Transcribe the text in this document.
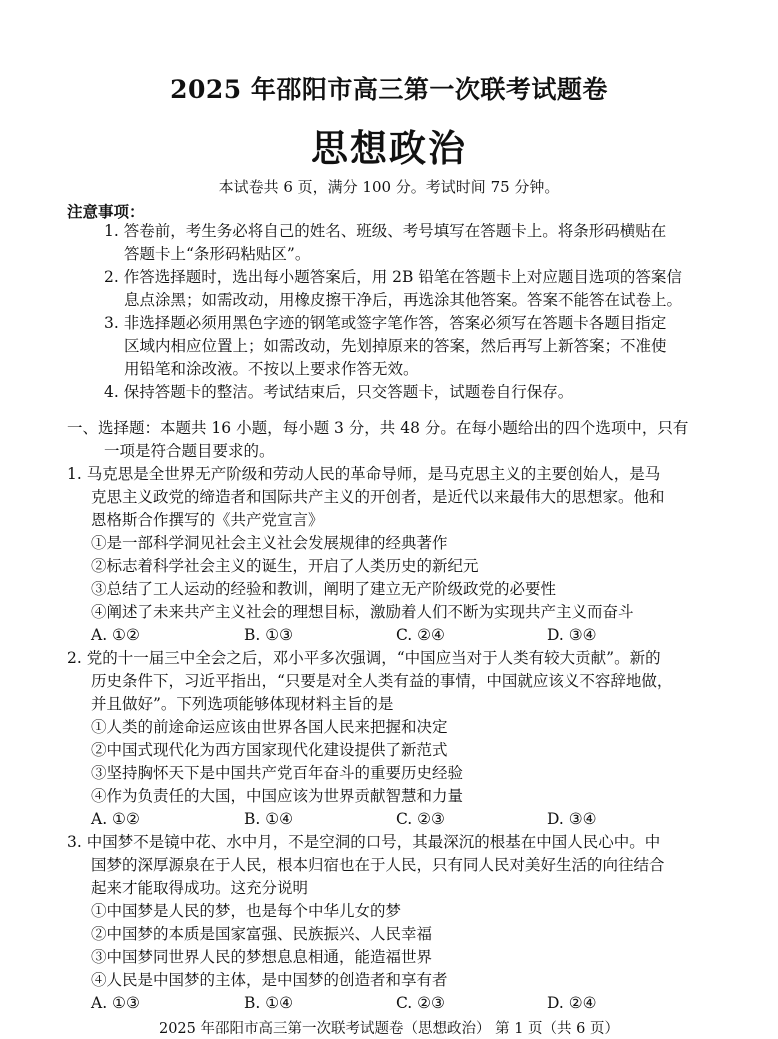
2025 年邵阳市高三第一次联考试题卷
思想政治
本试卷共 6 页，满分 100 分。考试时间 75 分钟。
注意事项：
1. 答卷前，考生务必将自己的姓名、班级、考号填写在答题卡上。将条形码横贴在
答题卡上“条形码粘贴区”。
2. 作答选择题时，选出每小题答案后，用 2B 铅笔在答题卡上对应题目选项的答案信
息点涂黑；如需改动，用橡皮擦干净后，再选涂其他答案。答案不能答在试卷上。
3. 非选择题必须用黑色字迹的钢笔或签字笔作答，答案必须写在答题卡各题目指定
区域内相应位置上；如需改动，先划掉原来的答案，然后再写上新答案；不准使
用铅笔和涂改液。不按以上要求作答无效。
4. 保持答题卡的整洁。考试结束后，只交答题卡，试题卷自行保存。
一、选择题：本题共 16 小题，每小题 3 分，共 48 分。在每小题给出的四个选项中，只有
一项是符合题目要求的。
1. 马克思是全世界无产阶级和劳动人民的革命导师，是马克思主义的主要创始人，是马
克思主义政党的缔造者和国际共产主义的开创者，是近代以来最伟大的思想家。他和
恩格斯合作撰写的《共产党宣言》
①是一部科学洞见社会主义社会发展规律的经典著作
②标志着科学社会主义的诞生，开启了人类历史的新纪元
③总结了工人运动的经验和教训，阐明了建立无产阶级政党的必要性
④阐述了未来共产主义社会的理想目标，激励着人们不断为实现共产主义而奋斗
A. ①②	B. ①③	C. ②④	D. ③④
2. 党的十一届三中全会之后，邓小平多次强调，“中国应当对于人类有较大贡献”。新的
历史条件下，习近平指出，“只要是对全人类有益的事情，中国就应该义不容辞地做，
并且做好”。下列选项能够体现材料主旨的是
①人类的前途命运应该由世界各国人民来把握和决定
②中国式现代化为西方国家现代化建设提供了新范式
③坚持胸怀天下是中国共产党百年奋斗的重要历史经验
④作为负责任的大国，中国应该为世界贡献智慧和力量
A. ①②	B. ①④	C. ②③	D. ③④
3. 中国梦不是镜中花、水中月，不是空洞的口号，其最深沉的根基在中国人民心中。中
国梦的深厚源泉在于人民，根本归宿也在于人民，只有同人民对美好生活的向往结合
起来才能取得成功。这充分说明
①中国梦是人民的梦，也是每个中华儿女的梦
②中国梦的本质是国家富强、民族振兴、人民幸福
③中国梦同世界人民的梦想息息相通，能造福世界
④人民是中国梦的主体，是中国梦的创造者和享有者
A. ①③	B. ①④	C. ②③	D. ②④
2025 年邵阳市高三第一次联考试题卷（思想政治） 第 1 页（共 6 页）
